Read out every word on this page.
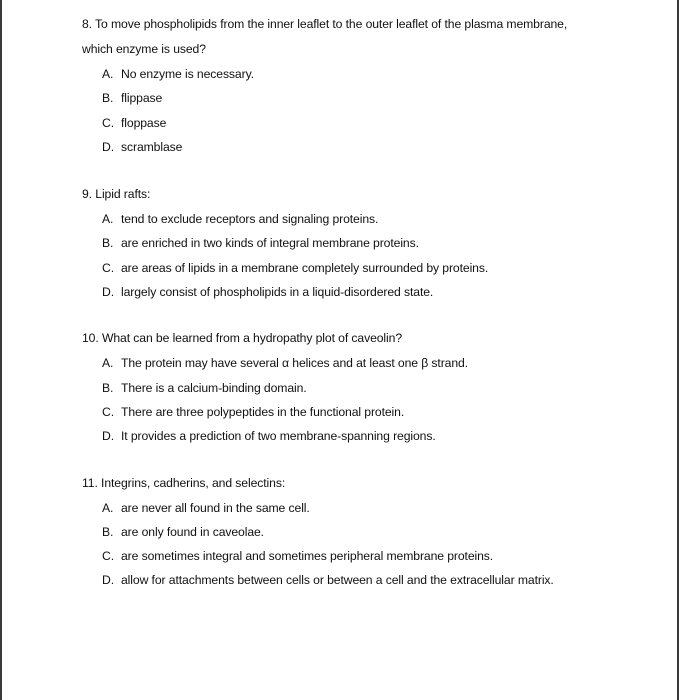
8. To move phospholipids from the inner leaflet to the outer leaflet of the plasma membrane,
which enzyme is used?
A. No enzyme is necessary.
B. flippase
C. floppase
D. scramblase
9. Lipid rafts:
A. tend to exclude receptors and signaling proteins.
B. are enriched in two kinds of integral membrane proteins.
C. are areas of lipids in a membrane completely surrounded by proteins.
D. largely consist of phospholipids in a liquid-disordered state.
10. What can be learned from a hydropathy plot of caveolin?
A. The protein may have several α helices and at least one β strand.
B. There is a calcium-binding domain.
C. There are three polypeptides in the functional protein.
D. It provides a prediction of two membrane-spanning regions.
11. Integrins, cadherins, and selectins:
A. are never all found in the same cell.
B. are only found in caveolae.
C. are sometimes integral and sometimes peripheral membrane proteins.
D. allow for attachments between cells or between a cell and the extracellular matrix.
